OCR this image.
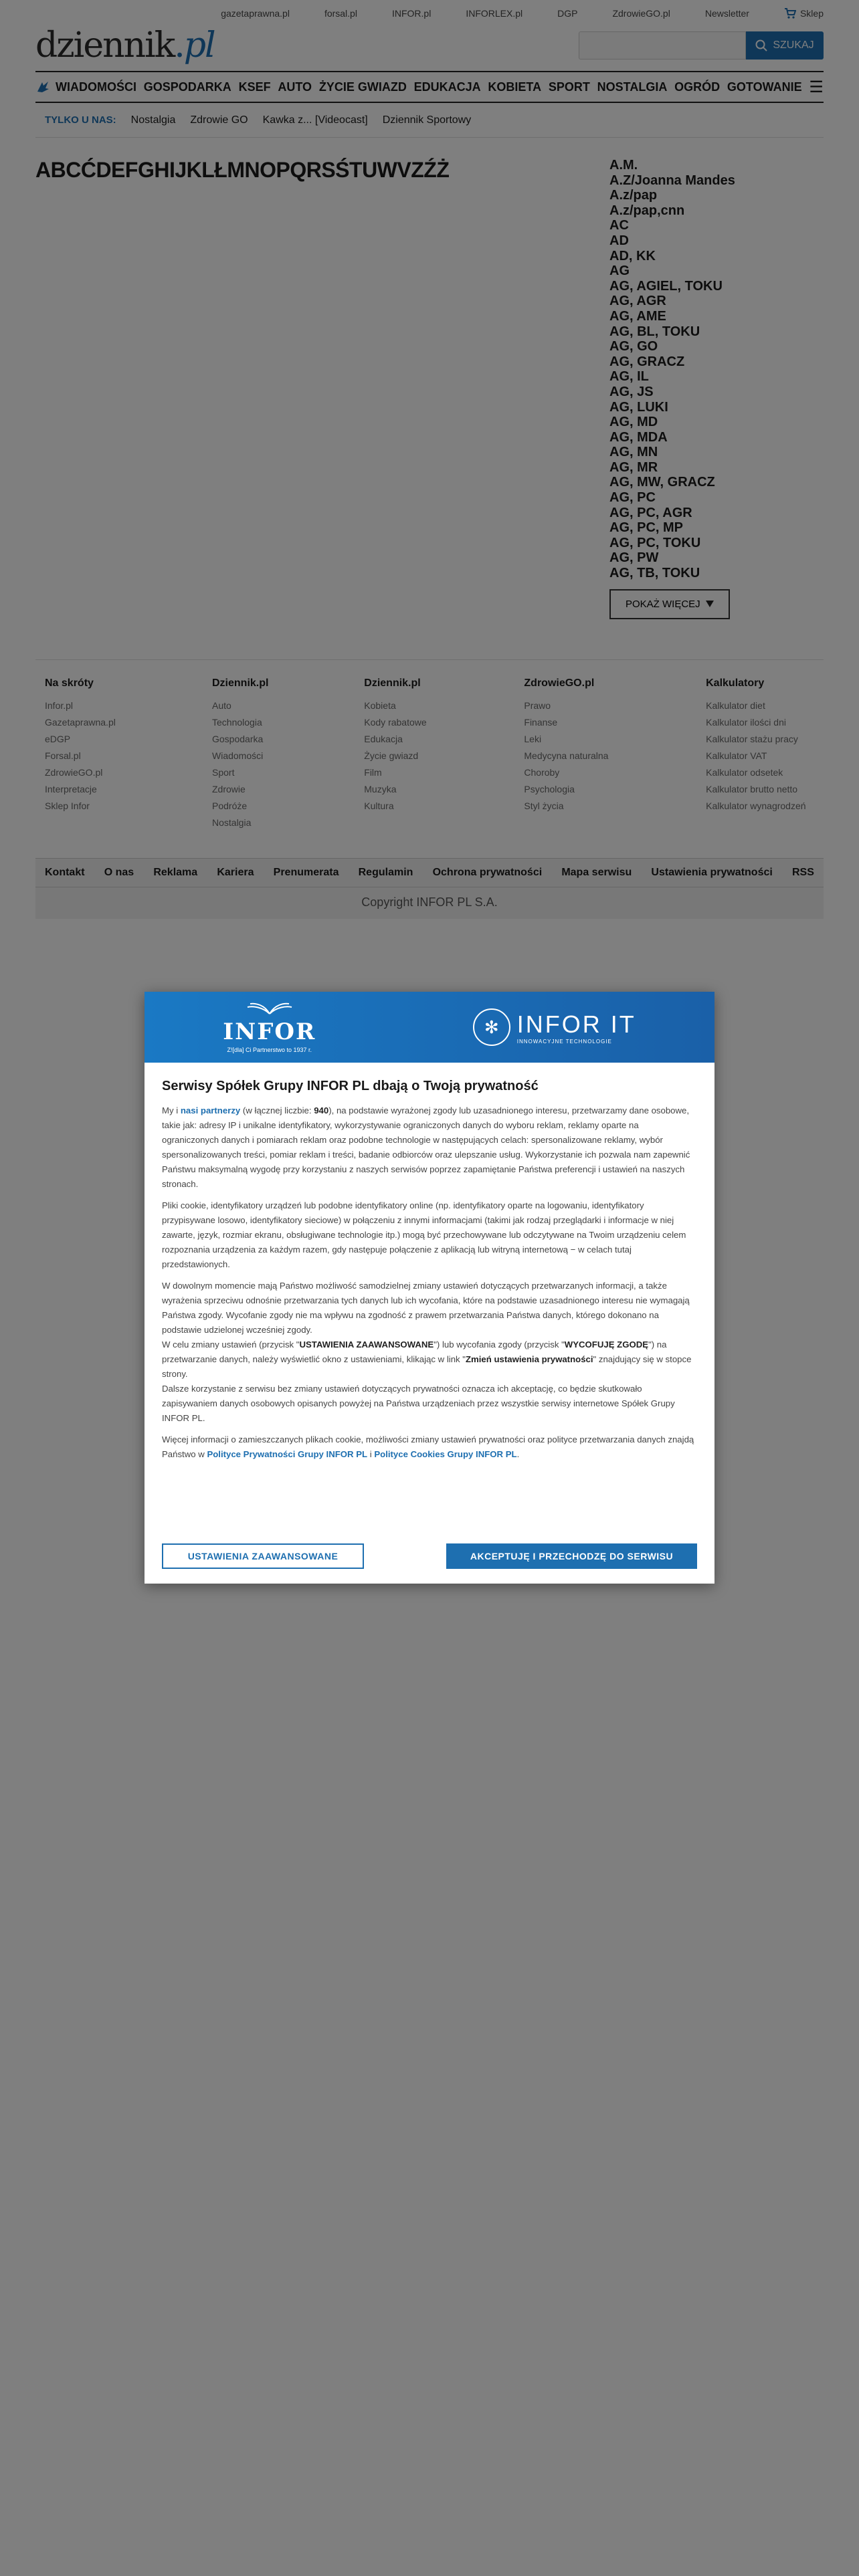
INFOR
Z![dla] Ci Partnerstwo to 1937 r.
✻ INFOR IT
INNOWACYJNE TECHNOLOGIE
Serwisy Spółek Grupy INFOR PL dbają o Twoją prywatność

My i nasi partnerzy (w łącznej liczbie: 940), na podstawie wyrażonej zgody lub uzasadnionego interesu, przetwarzamy dane osobowe, takie jak: adresy IP i unikalne identyfikatory, wykorzystywanie ograniczonych danych do wyboru reklam, reklamy oparte na ograniczonych danych i pomiarach reklam oraz podobne technologie w następujących celach: spersonalizowane reklamy, wybór spersonalizowanych treści, pomiar reklam i treści, badanie odbiorców oraz ulepszanie usług. Wykorzystanie ich pozwala nam zapewnić Państwu maksymalną wygodę przy korzystaniu z naszych serwisów poprzez zapamiętanie Państwa preferencji i ustawień na naszych stronach.

Pliki cookie, identyfikatory urządzeń lub podobne identyfikatory online (np. identyfikatory oparte na logowaniu, identyfikatory przypisywane losowo, identyfikatory sieciowe) w połączeniu z innymi informacjami (takimi jak rodzaj przeglądarki i informacje w niej zawarte, język, rozmiar ekranu, obsługiwane technologie itp.) mogą być przechowywane lub odczytywane na Twoim urządzeniu celem rozpoznania urządzenia za każdym razem, gdy następuje połączenie z aplikacją lub witryną internetową − w celach tutaj przedstawionych.

W dowolnym momencie mają Państwo możliwość samodzielnej zmiany ustawień dotyczących przetwarzanych informacji, a także wyrażenia sprzeciwu odnośnie przetwarzania tych danych lub ich wycofania, które na podstawie uzasadnionego interesu nie wymagają Państwa zgody. Wycofanie zgody nie ma wpływu na zgodność z prawem przetwarzania Państwa danych, którego dokonano na podstawie udzielonej wcześniej zgody.
W celu zmiany ustawień (przycisk "USTAWIENIA ZAAWANSOWANE") lub wycofania zgody (przycisk "WYCOFUJĘ ZGODĘ") na przetwarzanie danych, należy wyświetlić okno z ustawieniami, klikając w link "Zmień ustawienia prywatności" znajdujący się w stopce strony.
Dalsze korzystanie z serwisu bez zmiany ustawień dotyczących prywatności oznacza ich akceptację, co będzie skutkowało zapisywaniem danych osobowych opisanych powyżej na Państwa urządzeniach przez wszystkie serwisy internetowe Spółek Grupy INFOR PL.

Więcej informacji o zamieszczanych plikach cookie, możliwości zmiany ustawień prywatności oraz polityce przetwarzania danych znajdą Państwo w Polityce Prywatności Grupy INFOR PL i Polityce Cookies Grupy INFOR PL.

USTAWIENIA ZAAWANSOWANE	AKCEPTUJĘ I PRZECHODZĘ DO SERWISU
